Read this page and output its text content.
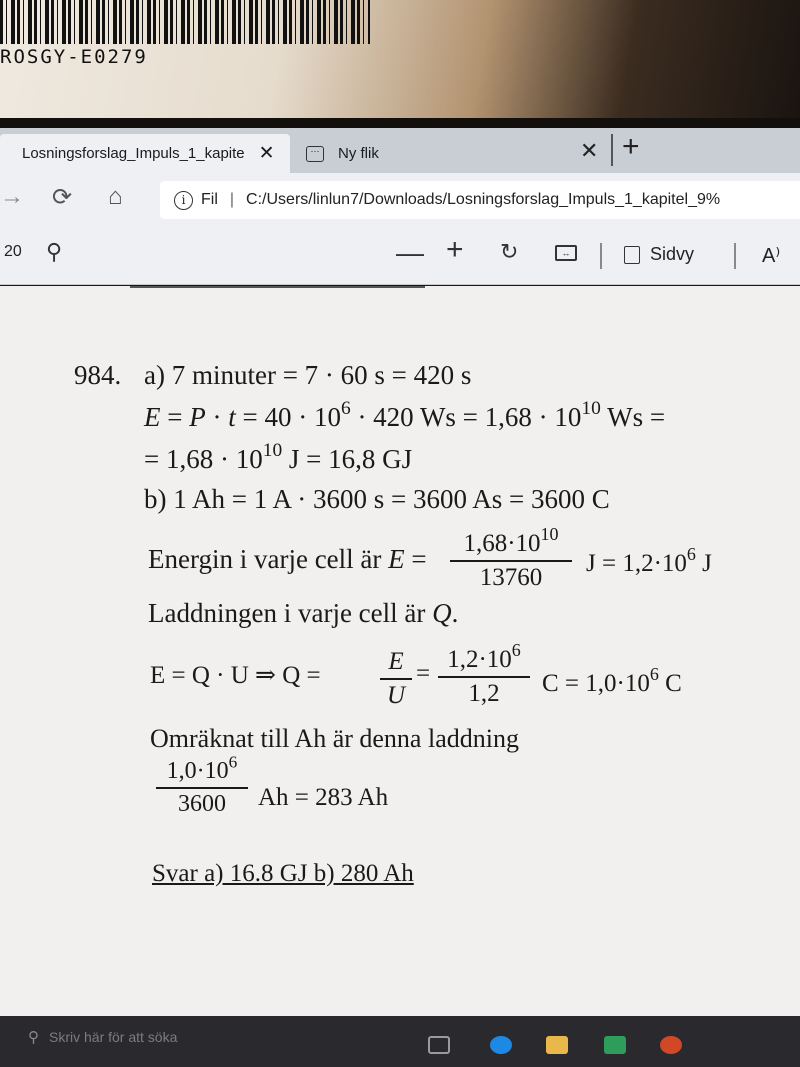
ROSGY-E0279
Losningsforslag_Impuls_1_kapite ✕	···	Ny flik	✕ +
→ ⟳ ⌂	i Fil | C:/Users/linlun7/Downloads/Losningsforslag_Impuls_1_kapitel_9%
20 ⚲	— + ↻	↔	Sidvy	A⁾
984. a) 7 minuter = 7 · 60 s = 420 s
$E = P \cdot t = 40 \cdot 10^6 \cdot 420$ $Ws = 1,68 \cdot 10^{10}$ Ws =
= $1,68 \cdot 10^{10}$ J = 16,8 GJ
b) 1 Ah = 1 A · 3600 s = 3600 As = 3600 C
Energin i varje cell är E =
$1,68\cdot 10^{10}$
13760	$J = 1,2\cdot 10^6$ J
Laddningen i varje cell är Q.
E = Q · U ⇒ Q =
E
U
=
$1,2\cdot 10^6$
1,2	$C = 1,0\cdot 10^6$ C
Omräknat till Ah är denna laddning
$1,0\cdot 10^6$
3600	Ah = 283 Ah
Svar a) 16.8 GJ b) 280 Ah
⚲ Skriv här för att söka
